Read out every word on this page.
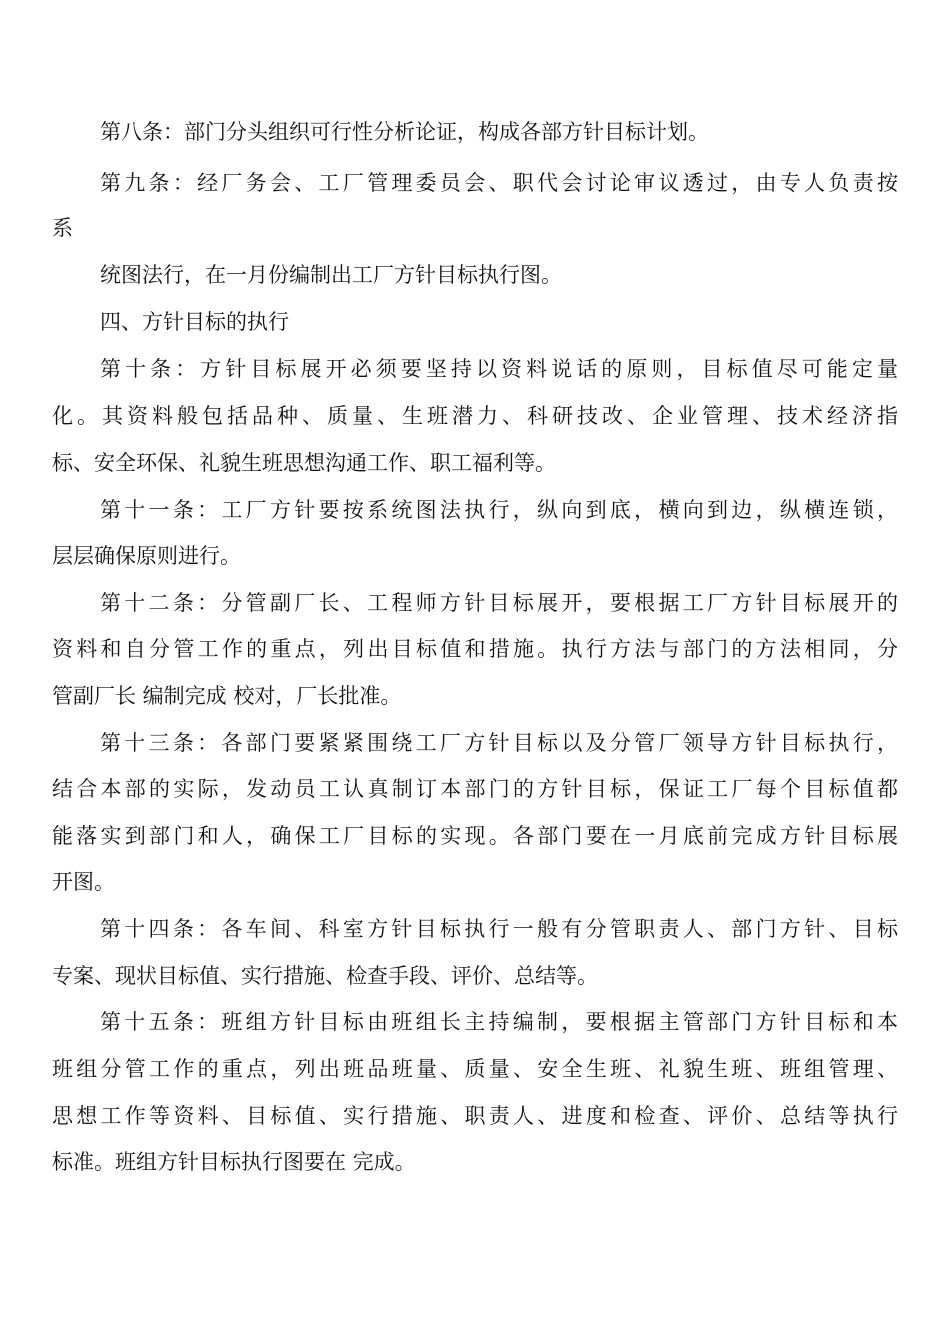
第八条：部门分头组织可行性分析论证，构成各部方针目标计划。
第九条：经厂务会、工厂管理委员会、职代会讨论审议透过，由专人负责按
系
统图法行，在一月份编制出工厂方针目标执行图。
四、方针目标的执行
第十条：方针目标展开必须要坚持以资料说话的原则，目标值尽可能定量
化。其资料般包括品种、质量、生班潜力、科研技改、企业管理、技术经济指
标、安全环保、礼貌生班思想沟通工作、职工福利等。
第十一条：工厂方针要按系统图法执行，纵向到底，横向到边，纵横连锁，
层层确保原则进行。
第十二条：分管副厂长、工程师方针目标展开，要根据工厂方针目标展开的
资料和自分管工作的重点，列出目标值和措施。执行方法与部门的方法相同，分
管副厂长 编制完成 校对，厂长批准。
第十三条：各部门要紧紧围绕工厂方针目标以及分管厂领导方针目标执行，
结合本部的实际，发动员工认真制订本部门的方针目标，保证工厂每个目标值都
能落实到部门和人，确保工厂目标的实现。各部门要在一月底前完成方针目标展
开图。
第十四条：各车间、科室方针目标执行一般有分管职责人、部门方针、目标
专案、现状目标值、实行措施、检查手段、评价、总结等。
第十五条：班组方针目标由班组长主持编制，要根据主管部门方针目标和本
班组分管工作的重点，列出班品班量、质量、安全生班、礼貌生班、班组管理、
思想工作等资料、目标值、实行措施、职责人、进度和检查、评价、总结等执行
标准。班组方针目标执行图要在 完成。
